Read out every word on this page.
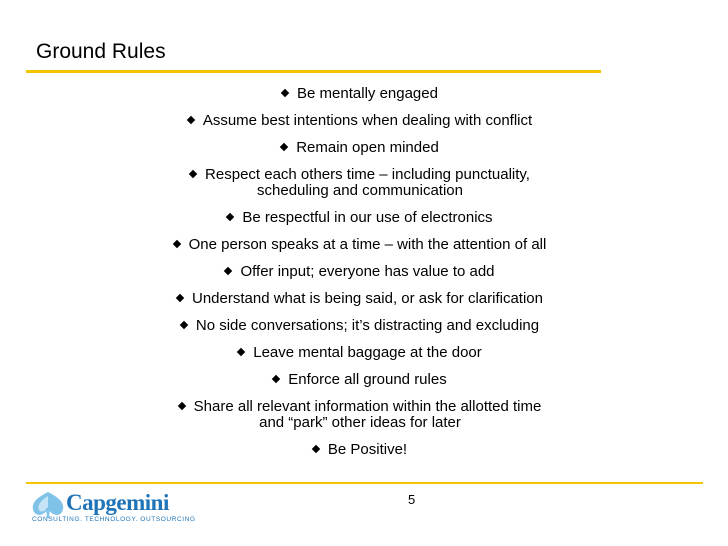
Ground Rules
Be mentally engaged
Assume best intentions when dealing with conflict
Remain open minded
Respect each others time – including punctuality,
scheduling and communication
Be respectful in our use of electronics
One person speaks at a time – with the attention of all
Offer input; everyone has value to add
Understand what is being said, or ask for clarification
No side conversations; it’s distracting and excluding
Leave mental baggage at the door
Enforce all ground rules
Share all relevant information within the allotted time
and “park” other ideas for later
Be Positive!
Capgemini
CONSULTING. TECHNOLOGY. OUTSOURCING
5
